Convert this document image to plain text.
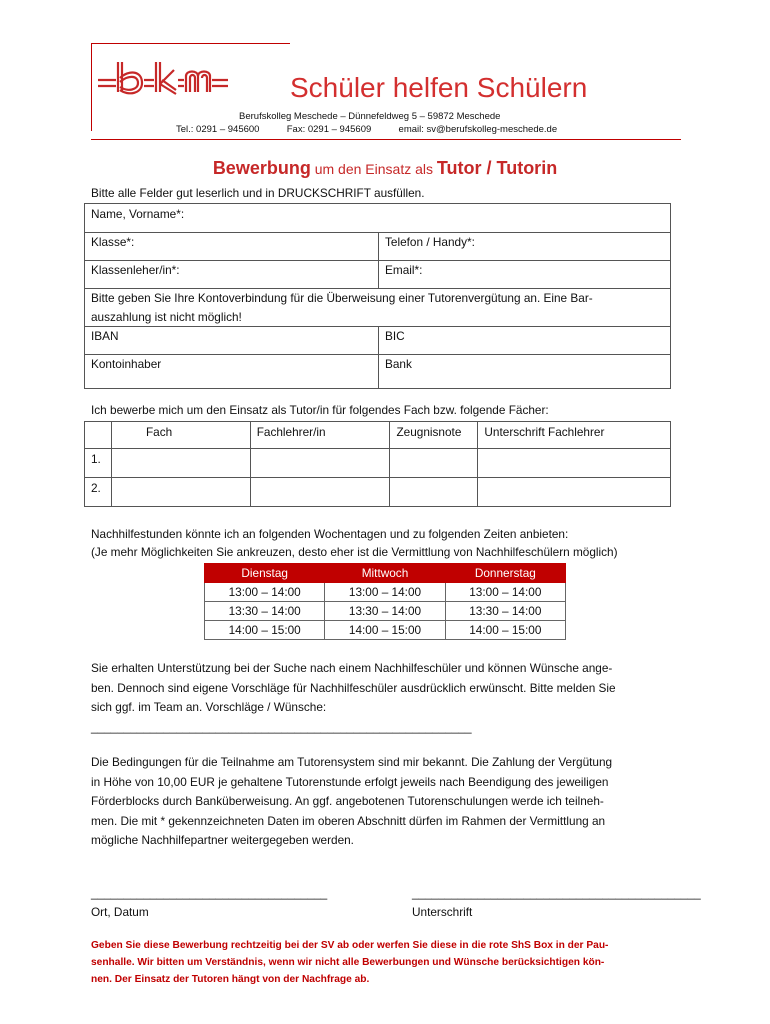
Schüler helfen Schülern
Berufskolleg Meschede – Dünnefeldweg 5 – 59872 Meschede
Tel.: 0291 – 945600	Fax: 0291 – 945609	email: sv@berufskolleg-meschede.de
Bewerbung um den Einsatz als Tutor / Tutorin
Bitte alle Felder gut leserlich und in DRUCKSCHRIFT ausfüllen.
Name, Vorname*:
Klasse*:	Telefon / Handy*:
Klassenleher/in*:	Email*:
Bitte geben Sie Ihre Kontoverbindung für die Überweisung einer Tutorenvergütung an. Eine Bar-
auszahlung ist nicht möglich!
IBAN	BIC
Kontoinhaber	Bank
Ich bewerbe mich um den Einsatz als Tutor/in für folgendes Fach bzw. folgende Fächer:
	Fach	Fachlehrer/in	Zeugnisnote	Unterschrift Fachlehrer
1.				
2.				
Nachhilfestunden könnte ich an folgenden Wochentagen und zu folgenden Zeiten anbieten:
(Je mehr Möglichkeiten Sie ankreuzen, desto eher ist die Vermittlung von Nachhilfeschülern möglich)
Dienstag	Mittwoch	Donnerstag
13:00 – 14:00	13:00 – 14:00	13:00 – 14:00
13:30 – 14:00	13:30 – 14:00	13:30 – 14:00
14:00 – 15:00	14:00 – 15:00	14:00 – 15:00
Sie erhalten Unterstützung bei der Suche nach einem Nachhilfeschüler und können Wünsche ange-
ben. Dennoch sind eigene Vorschläge für Nachhilfeschüler ausdrücklich erwünscht. Bitte melden Sie
sich ggf. im Team an. Vorschläge / Wünsche:
__________________________________________________________
Die Bedingungen für die Teilnahme am Tutorensystem sind mir bekannt. Die Zahlung der Vergütung
in Höhe von 10,00 EUR je gehaltene Tutorenstunde erfolgt jeweils nach Beendigung des jeweiligen
Förderblocks durch Banküberweisung. An ggf. angebotenen Tutorenschulungen werde ich teilneh-
men. Die mit * gekennzeichneten Daten im oberen Abschnitt dürfen im Rahmen der Vermittlung an
mögliche Nachhilfepartner weitergegeben werden.
____________________________________	____________________________________________
Ort, Datum	Unterschrift
Geben Sie diese Bewerbung rechtzeitig bei der SV ab oder werfen Sie diese in die rote ShS Box in der Pau-
senhalle. Wir bitten um Verständnis, wenn wir nicht alle Bewerbungen und Wünsche berücksichtigen kön-
nen. Der Einsatz der Tutoren hängt von der Nachfrage ab.
